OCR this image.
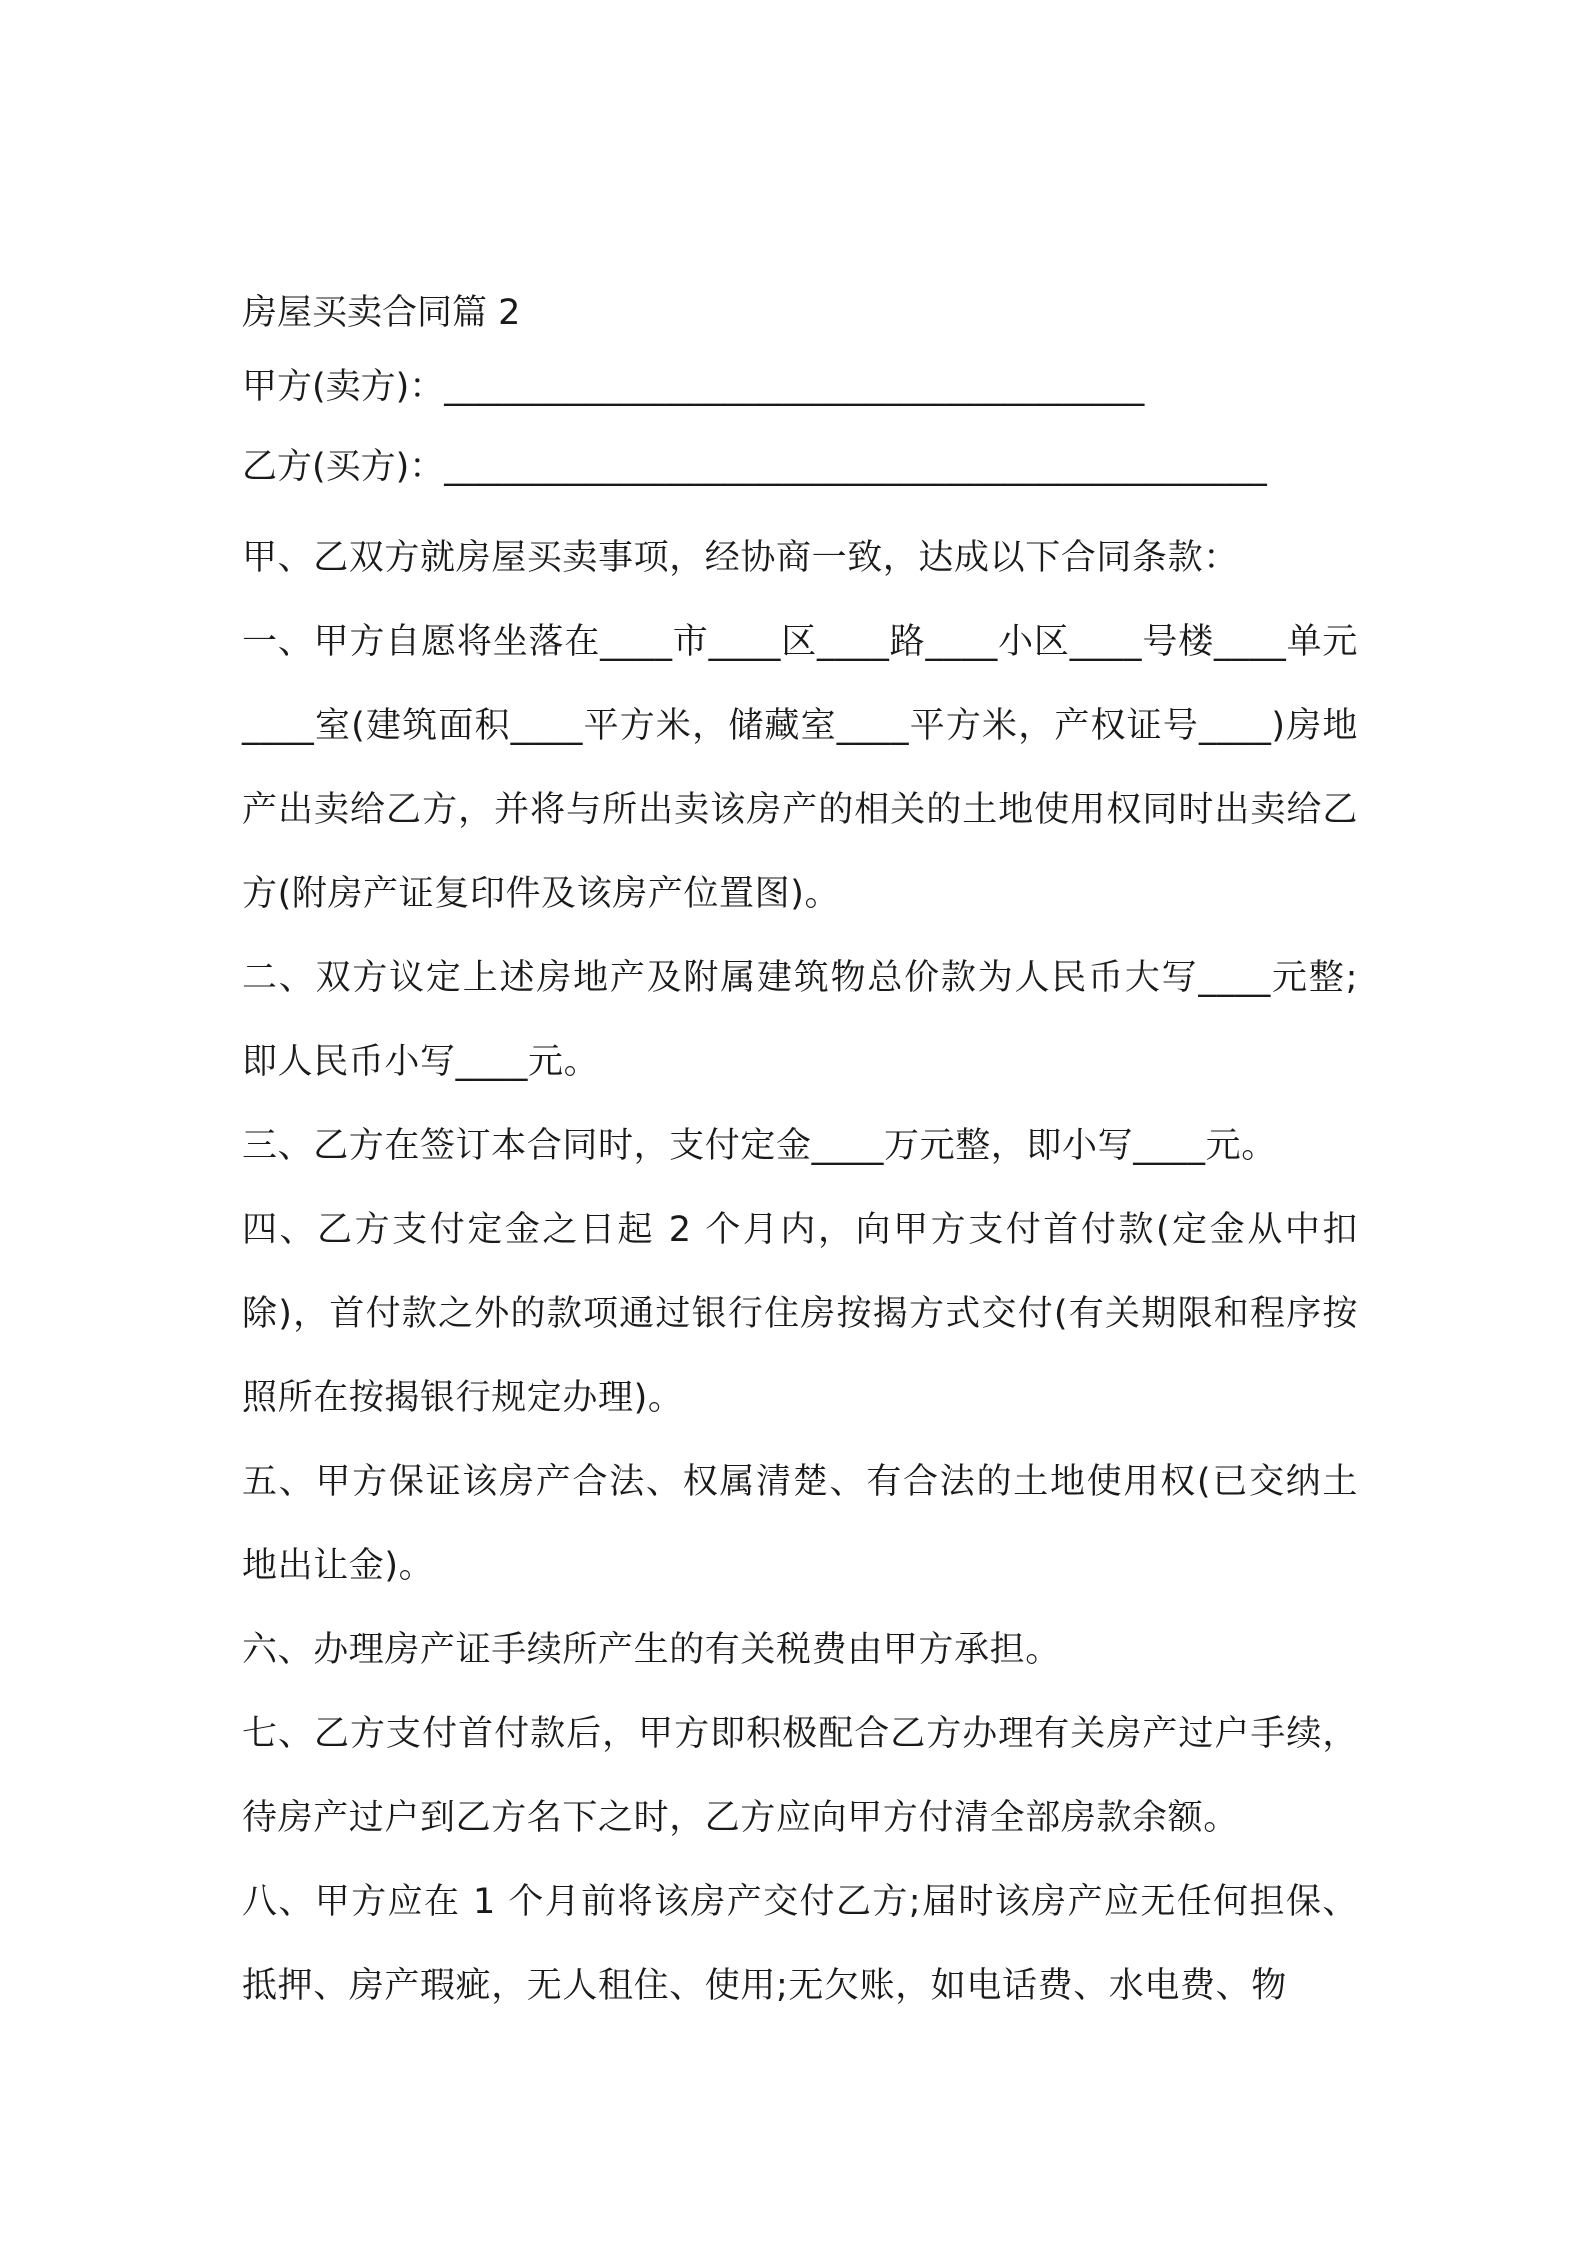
房屋买卖合同篇 2
甲方(卖方)：________________________________________
乙方(买方)：_______________________________________________

甲、乙双方就房屋买卖事项，经协商一致，达成以下合同条款：

一、甲方自愿将坐落在____市____区____路____小区____号楼____单元____室(建筑面积____平方米，储藏室____平方米，产权证号____)房地产出卖给乙方，并将与所出卖该房产的相关的土地使用权同时出卖给乙方(附房产证复印件及该房产位置图)。

二、双方议定上述房地产及附属建筑物总价款为人民币大写____元整;即人民币小写____元。

三、乙方在签订本合同时，支付定金____万元整，即小写____元。

四、乙方支付定金之日起 2 个月内，向甲方支付首付款(定金从中扣除)，首付款之外的款项通过银行住房按揭方式交付(有关期限和程序按照所在按揭银行规定办理)。

五、甲方保证该房产合法、权属清楚、有合法的土地使用权(已交纳土地出让金)。

六、办理房产证手续所产生的有关税费由甲方承担。

七、乙方支付首付款后，甲方即积极配合乙方办理有关房产过户手续，待房产过户到乙方名下之时，乙方应向甲方付清全部房款余额。

八、甲方应在 1 个月前将该房产交付乙方;届时该房产应无任何担保、抵押、房产瑕疵，无人租住、使用;无欠账，如电话费、水电费、物
